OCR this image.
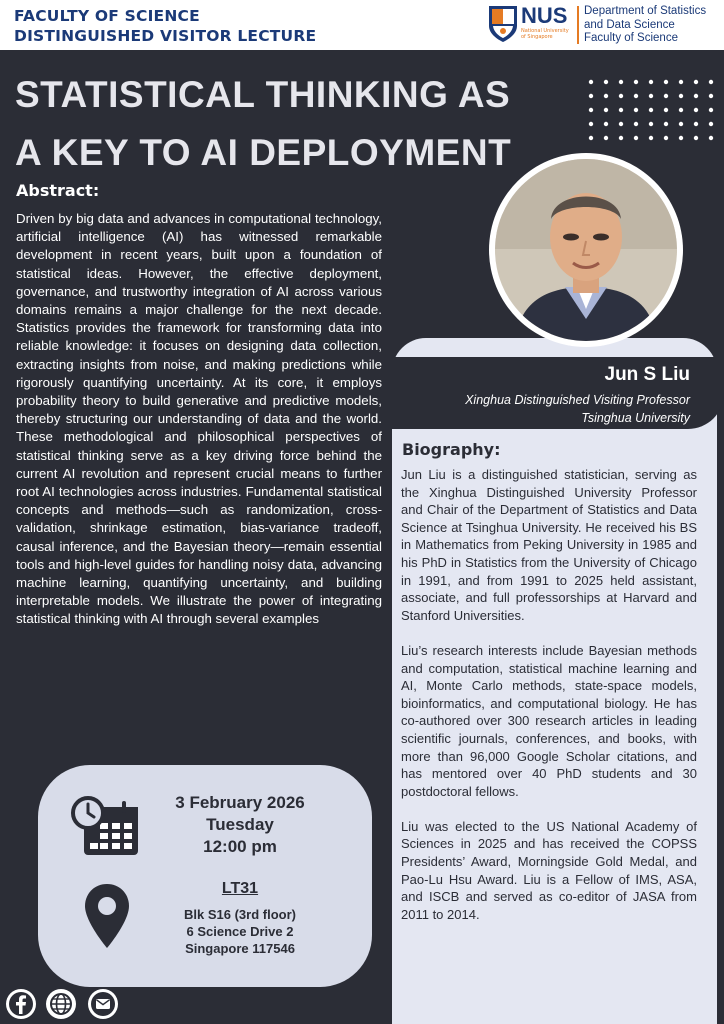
FACULTY OF SCIENCE
DISTINGUISHED VISITOR LECTURE
NUS
National University of Singapore
Department of Statistics
and Data Science
Faculty of Science
STATISTICAL THINKING AS
A KEY TO AI DEPLOYMENT
Abstract:
Driven by big data and advances in computational technology, artificial intelligence (AI) has witnessed remarkable development in recent years, built upon a foundation of statistical ideas. However, the effective deployment, governance, and trustworthy integration of AI across various domains remains a major challenge for the next decade. Statistics provides the framework for transforming data into reliable knowledge: it focuses on designing data collection, extracting insights from noise, and making predictions while rigorously quantifying uncertainty. At its core, it employs probability theory to build generative and predictive models, thereby structuring our understanding of data and the world. These methodological and philosophical perspectives of statistical thinking serve as a key driving force behind the current AI revolution and represent crucial means to further root AI technologies across industries. Fundamental statistical concepts and methods—such as randomization, cross-validation, shrinkage estimation, bias-variance tradeoff, causal inference, and the Bayesian theory—remain essential tools and high-level guides for handling noisy data, advancing machine learning, quantifying uncertainty, and building interpretable models. We illustrate the power of integrating statistical thinking with AI through several examples
Jun S Liu
Xinghua Distinguished Visiting Professor
Tsinghua University
Biography:

Jun Liu is a distinguished statistician, serving as the Xinghua Distinguished University Professor and Chair of the Department of Statistics and Data Science at Tsinghua University. He received his BS in Mathematics from Peking University in 1985 and his PhD in Statistics from the University of Chicago in 1991, and from 1991 to 2025 held assistant, associate, and full professorships at Harvard and Stanford Universities.

Liu’s research interests include Bayesian methods and computation, statistical machine learning and AI, Monte Carlo methods, state-space models, bioinformatics, and computational biology. He has co-authored over 300 research articles in leading scientific journals, conferences, and books, with more than 96,000 Google Scholar citations, and has mentored over 40 PhD students and 30 postdoctoral fellows.

Liu was elected to the US National Academy of Sciences in 2025 and has received the COPSS Presidents’ Award, Morningside Gold Medal, and Pao-Lu Hsu Award. Liu is a Fellow of IMS, ASA, and ISCB and served as co-editor of JASA from 2011 to 2014.

3 February 2026
Tuesday
12:00 pm
LT31
Blk S16 (3rd floor)
6 Science Drive 2
Singapore 117546
